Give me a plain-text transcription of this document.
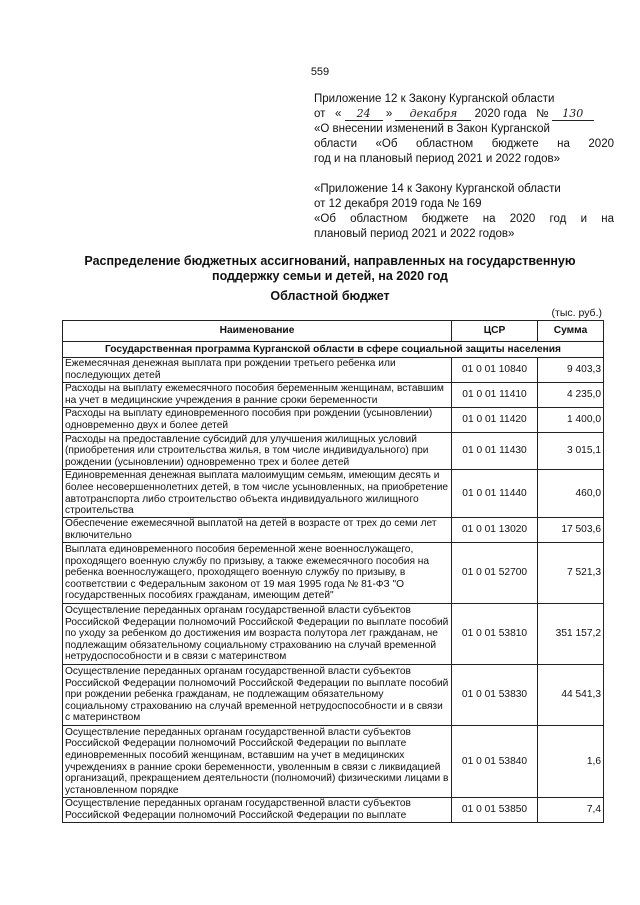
559
Приложение 12 к Закону Курганской области
от « 24 » декабря 2020 года № 130
«О внесении изменений в Закон Курганской
области «Об областном бюджете на 2020
год и на плановый период 2021 и 2022 годов»
«Приложение 14 к Закону Курганской области
от 12 декабря 2019 года № 169
«Об областном бюджете на 2020 год и на
плановый период 2021 и 2022 годов»
Распределение бюджетных ассигнований, направленных на государственную поддержку семьи и детей, на 2020 год
Областной бюджет
(тыс. руб.)
Наименование	ЦСР	Сумма
Государственная программа Курганской области в сфере социальной защиты населения		
Ежемесячная денежная выплата при рождении третьего ребенка или последующих детей	01 0 01 10840	9 403,3
Расходы на выплату ежемесячного пособия беременным женщинам, вставшим на учет в медицинские учреждения в ранние сроки беременности	01 0 01 11410	4 235,0
Расходы на выплату единовременного пособия при рождении (усыновлении) одновременно двух и более детей	01 0 01 11420	1 400,0
Расходы на предоставление субсидий для улучшения жилищных условий (приобретения или строительства жилья, в том числе индивидуального) при рождении (усыновлении) одновременно трех и более детей	01 0 01 11430	3 015,1
Единовременная денежная выплата малоимущим семьям, имеющим десять и более несовершеннолетних детей, в том числе усыновленных, на приобретение автотранспорта либо строительство объекта индивидуального жилищного строительства	01 0 01 11440	460,0
Обеспечение ежемесячной выплатой на детей в возрасте от трех до семи лет включительно	01 0 01 13020	17 503,6
Выплата единовременного пособия беременной жене военнослужащего, проходящего военную службу по призыву, а также ежемесячного пособия на ребенка военнослужащего, проходящего военную службу по призыву, в соответствии с Федеральным законом от 19 мая 1995 года № 81-ФЗ "О государственных пособиях гражданам, имеющим детей"	01 0 01 52700	7 521,3
Осуществление переданных органам государственной власти субъектов Российской Федерации полномочий Российской Федерации по выплате пособий по уходу за ребенком до достижения им возраста полутора лет гражданам, не подлежащим обязательному социальному страхованию на случай временной нетрудоспособности и в связи с материнством	01 0 01 53810	351 157,2
Осуществление переданных органам государственной власти субъектов Российской Федерации полномочий Российской Федерации по выплате пособий при рождении ребенка гражданам, не подлежащим обязательному социальному страхованию на случай временной нетрудоспособности и в связи с материнством	01 0 01 53830	44 541,3
Осуществление переданных органам государственной власти субъектов Российской Федерации полномочий Российской Федерации по выплате единовременных пособий женщинам, вставшим на учет в медицинских учреждениях в ранние сроки беременности, уволенным в связи с ликвидацией организаций, прекращением деятельности (полномочий) физическими лицами в установленном порядке	01 0 01 53840	1,6
Осуществление переданных органам государственной власти субъектов Российской Федерации полномочий Российской Федерации по выплате	01 0 01 53850	7,4
